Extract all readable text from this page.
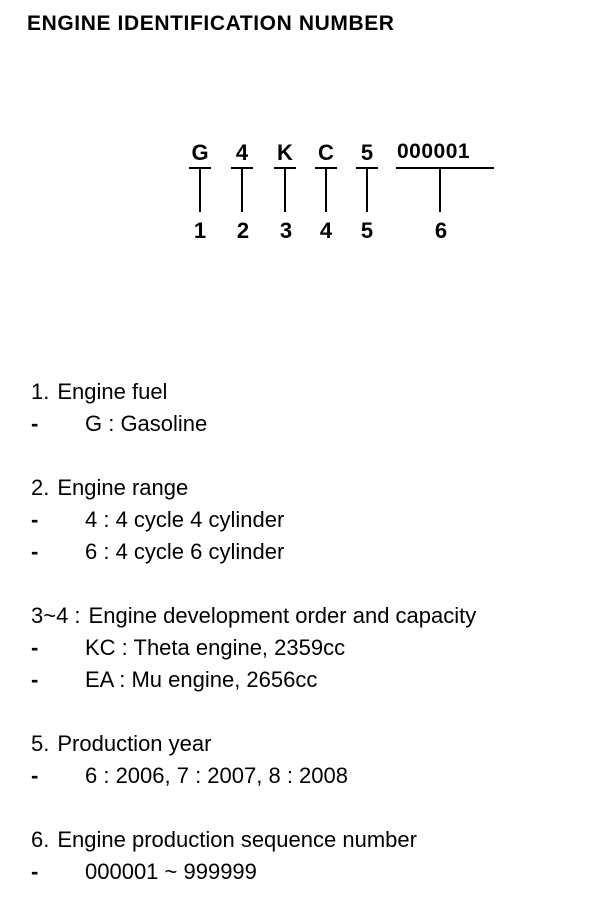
ENGINE IDENTIFICATION NUMBER
G	4	K	C	5	000001
1	2	3	4	5	6
1. Engine fuel
-	G : Gasoline
2. Engine range
-	4 : 4 cycle 4 cylinder
-	6 : 4 cycle 6 cylinder
3~4 : Engine development order and capacity
-	KC : Theta engine, 2359cc
-	EA : Mu engine, 2656cc
5. Production year
-	6 : 2006, 7 : 2007, 8 : 2008
6. Engine production sequence number
-	000001 ~ 999999
